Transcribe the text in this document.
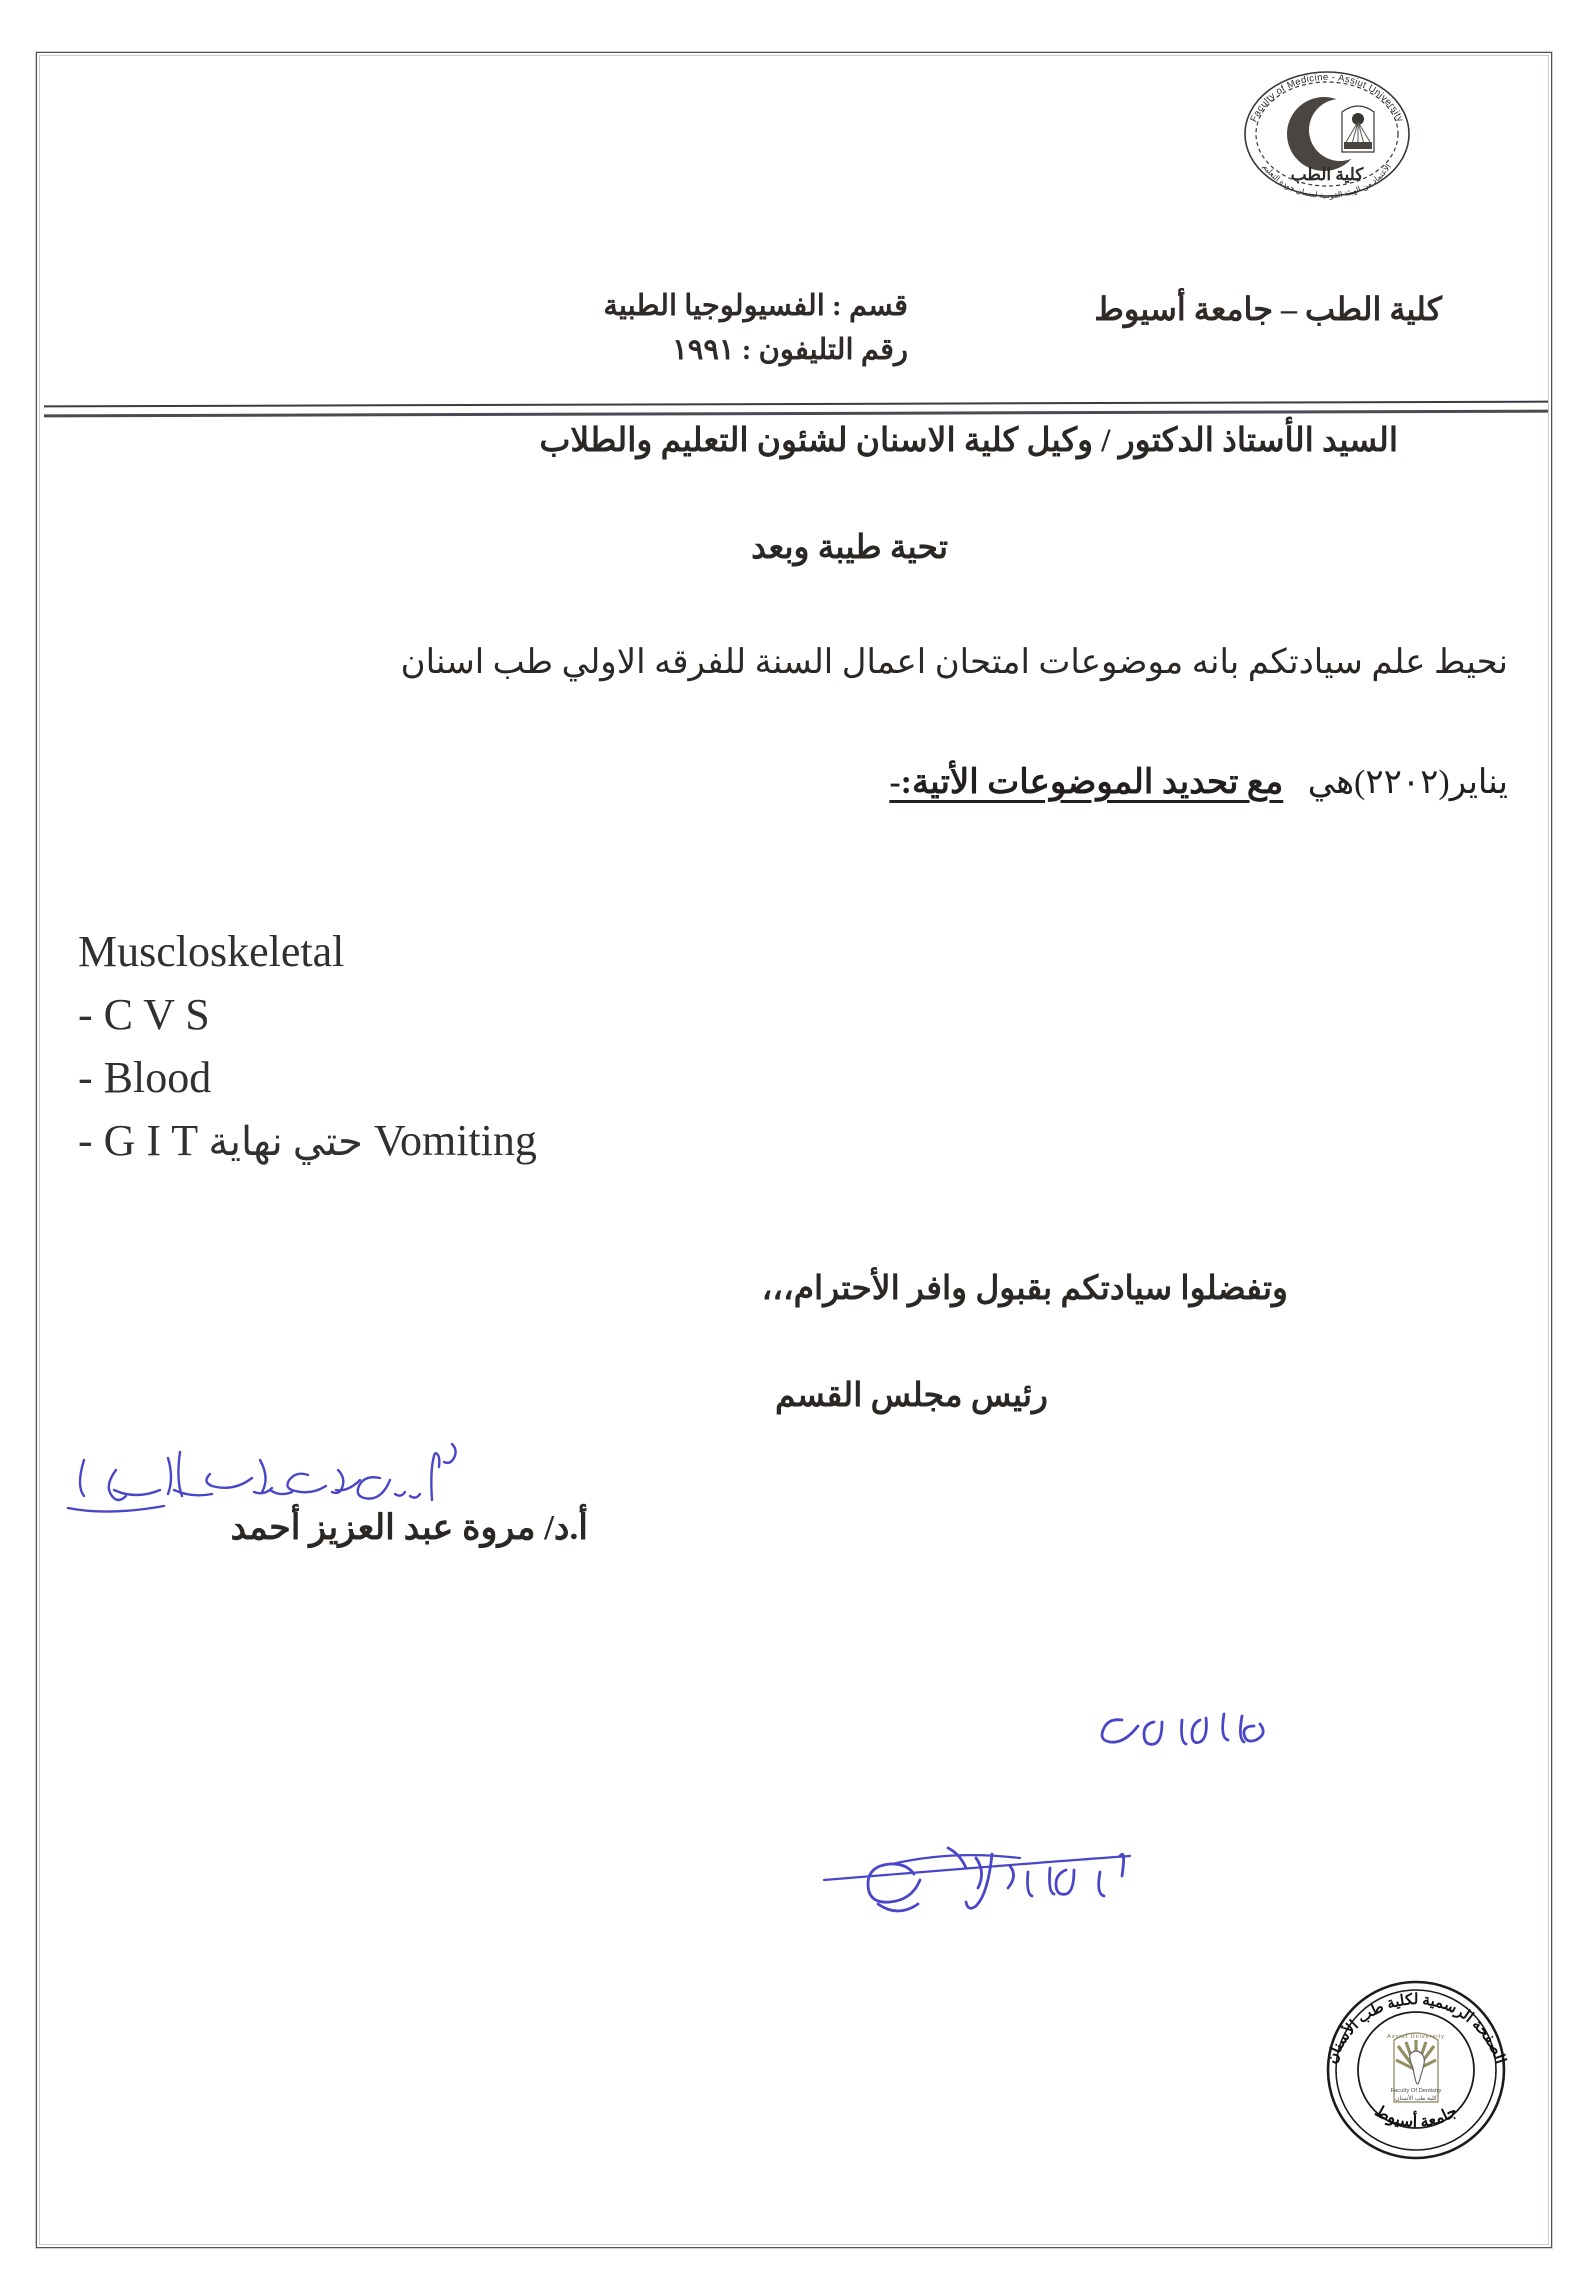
Faculty of Medicine - Assiut University
الاعتماد من الهيئة القومية لضمان جودة التعليم
كلية الطب
كلية الطب – جامعة أسيوط
قسم : الفسيولوجيا الطبية
رقم التليفون : ١٩٩١
السيد الأستاذ الدكتور / وكيل كلية الاسنان لشئون التعليم والطلاب
تحية طيبة وبعد
نحيط علم سيادتكم بانه موضوعات امتحان اعمال السنة للفرقه الاولي طب اسنان
يناير(٢٠٢٢)هي مع تحديد الموضوعات الأتية:-
Muscloskeletal
- C V S
- Blood
- G I T حتي نهاية Vomiting
وتفضلوا سيادتكم بقبول وافر الأحترام،،،
رئيس مجلس القسم
أ.د/ مروة عبد العزيز أحمد
الصفحة الرسمية لكلية طب الأسنان
جامعة أسيوط
Assiut University
Faculty Of Dentistry
كلية طب الأسنان
